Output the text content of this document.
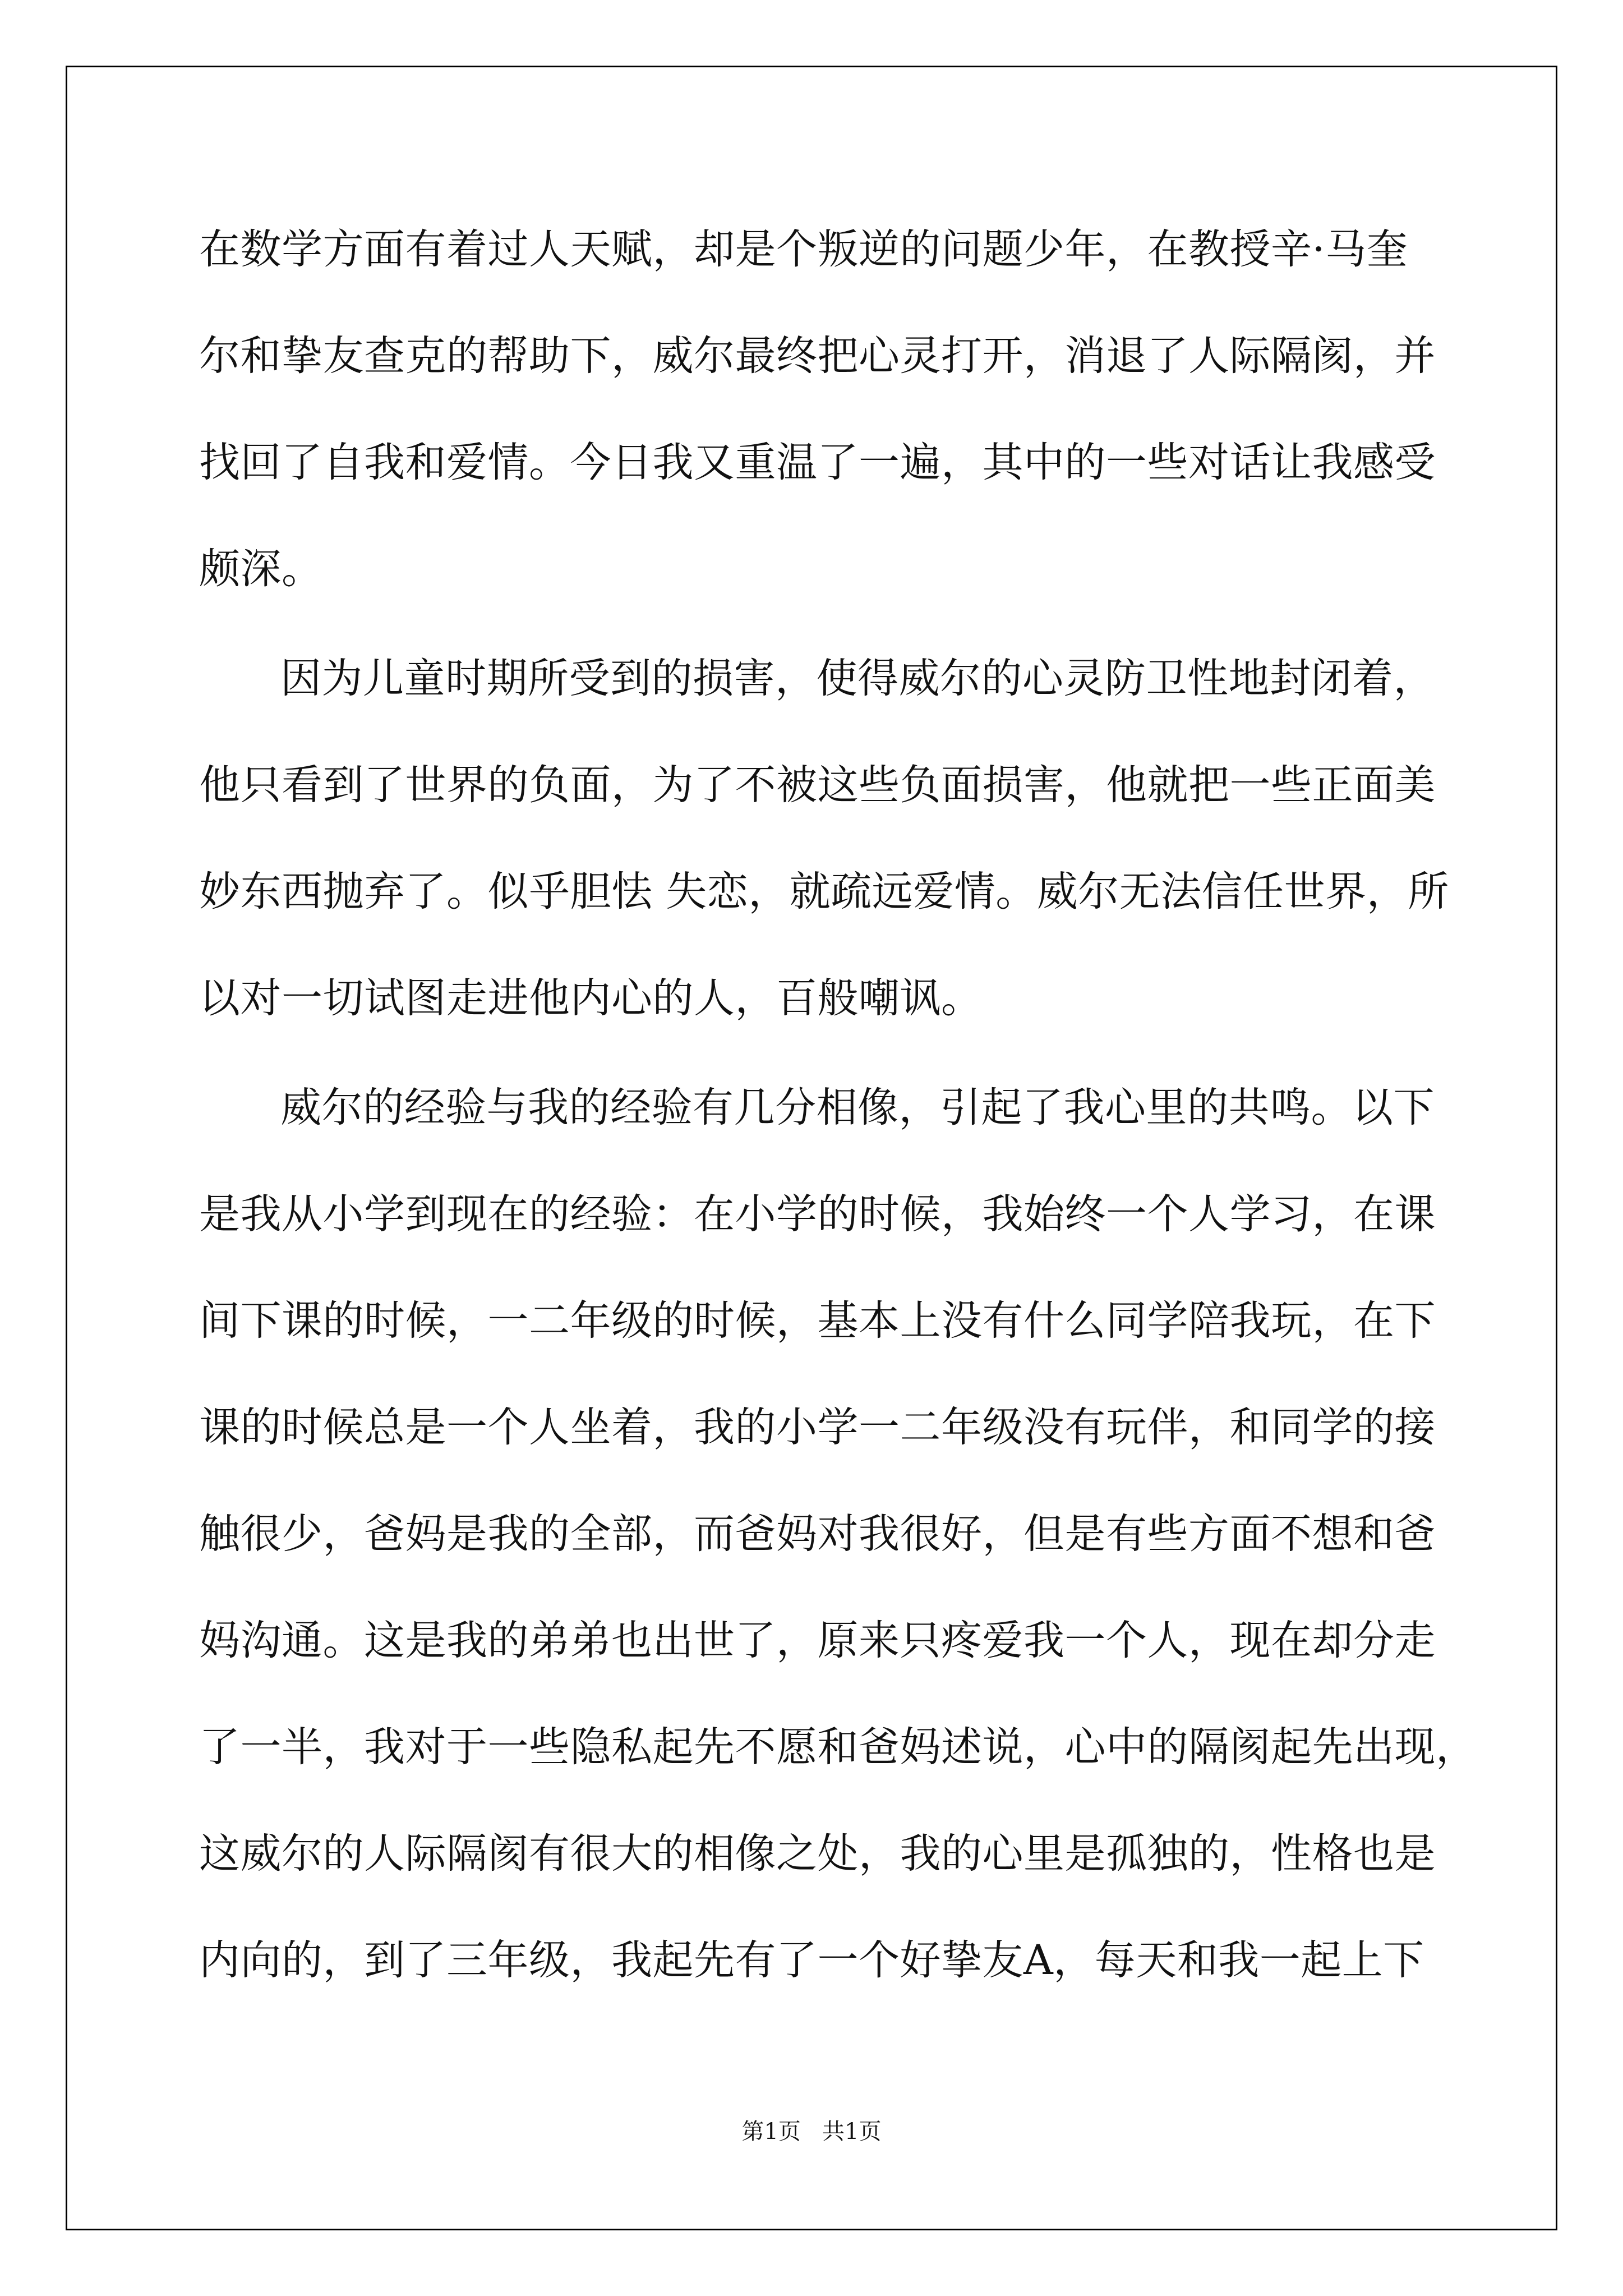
在数学方面有着过人天赋，却是个叛逆的问题少年，在教授辛·马奎
尔和挚友查克的帮助下，威尔最终把心灵打开，消退了人际隔阂，并
找回了自我和爱情。今日我又重温了一遍，其中的一些对话让我感受
颇深。
因为儿童时期所受到的损害，使得威尔的心灵防卫性地封闭着，
他只看到了世界的负面，为了不被这些负面损害，他就把一些正面美
妙东西抛弃了。似乎胆怯 失恋，就疏远爱情。威尔无法信任世界，所
以对一切试图走进他内心的人，百般嘲讽。
威尔的经验与我的经验有几分相像，引起了我心里的共鸣。以下
是我从小学到现在的经验：在小学的时候，我始终一个人学习，在课
间下课的时候，一二年级的时候，基本上没有什么同学陪我玩，在下
课的时候总是一个人坐着，我的小学一二年级没有玩伴，和同学的接
触很少，爸妈是我的全部，而爸妈对我很好，但是有些方面不想和爸
妈沟通。这是我的弟弟也出世了，原来只疼爱我一个人，现在却分走
了一半，我对于一些隐私起先不愿和爸妈述说，心中的隔阂起先出现，
这威尔的人际隔阂有很大的相像之处，我的心里是孤独的，性格也是
内向的，到了三年级，我起先有了一个好挚友A，每天和我一起上下
第1页   共1页
